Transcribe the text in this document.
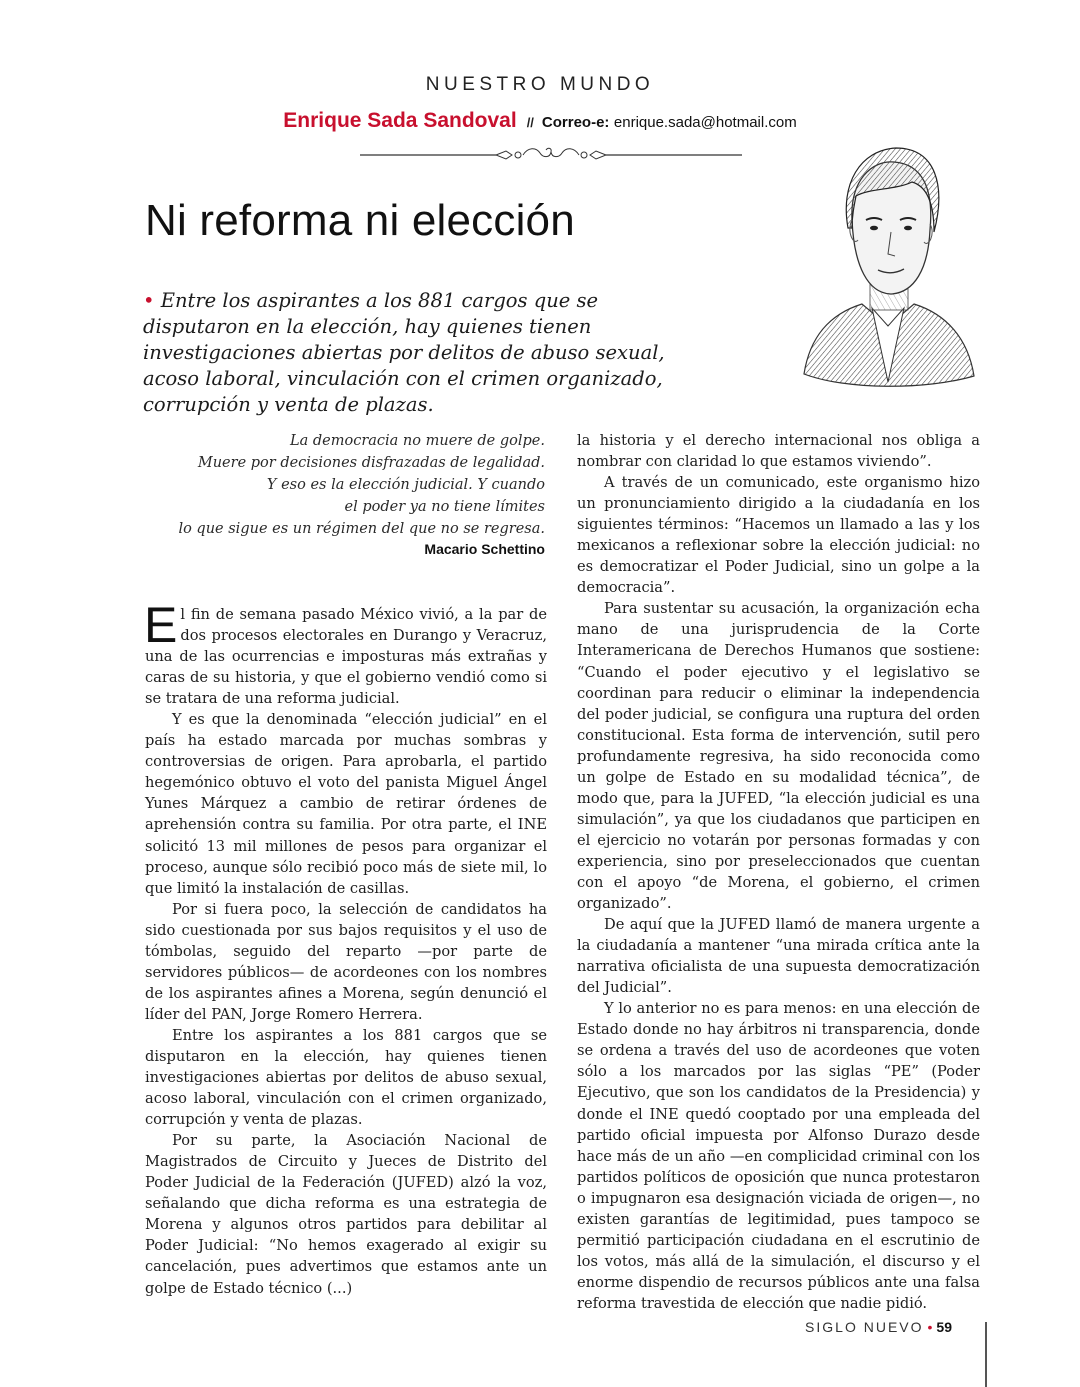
NUESTRO MUNDO
Enrique Sada Sandoval // Correo-e: enrique.sada@hotmail.com
Ni reforma ni elección
• Entre los aspirantes a los 881 cargos que se disputaron en la elección, hay quienes tienen investigaciones abiertas por delitos de abuso sexual, acoso laboral, vinculación con el crimen organizado, corrupción y venta de plazas.
La democracia no muere de golpe.
Muere por decisiones disfrazadas de legalidad.
Y eso es la elección judicial. Y cuando
el poder ya no tiene límites
lo que sigue es un régimen del que no se regresa.
Macario Schettino

El fin de semana pasado México vivió, a la par de dos procesos electorales en Durango y Veracruz, una de las ocurrencias e imposturas más extrañas y caras de su historia, y que el gobierno vendió como si se tratara de una reforma judicial.

Y es que la denominada “elección judicial” en el país ha estado marcada por muchas sombras y controversias de origen. Para aprobarla, el partido hegemónico obtuvo el voto del panista Miguel Ángel Yunes Márquez a cambio de retirar órdenes de aprehensión contra su familia. Por otra parte, el INE solicitó 13 mil millones de pesos para organizar el proceso, aunque sólo recibió poco más de siete mil, lo que limitó la instalación de casillas.

Por si fuera poco, la selección de candidatos ha sido cuestionada por sus bajos requisitos y el uso de tómbolas, seguido del reparto —por parte de servidores públicos— de acordeones con los nombres de los aspirantes afines a Morena, según denunció el líder del PAN, Jorge Romero Herrera.

Entre los aspirantes a los 881 cargos que se disputaron en la elección, hay quienes tienen investigaciones abiertas por delitos de abuso sexual, acoso laboral, vinculación con el crimen organizado, corrupción y venta de plazas.

Por su parte, la Asociación Nacional de Magistrados de Circuito y Jueces de Distrito del Poder Judicial de la Federación (JUFED) alzó la voz, señalando que dicha reforma es una estrategia de Morena y algunos otros partidos para debilitar al Poder Judicial: “No hemos exagerado al exigir su cancelación, pues advertimos que estamos ante un golpe de Estado técnico (...)

la historia y el derecho internacional nos obliga a nombrar con claridad lo que estamos viviendo”.

A través de un comunicado, este organismo hizo un pronunciamiento dirigido a la ciudadanía en los siguientes términos: “Hacemos un llamado a las y los mexicanos a reflexionar sobre la elección judicial: no es democratizar el Poder Judicial, sino un golpe a la democracia”.

Para sustentar su acusación, la organización echa mano de una jurisprudencia de la Corte Interamericana de Derechos Humanos que sostiene: “Cuando el poder ejecutivo y el legislativo se coordinan para reducir o eliminar la independencia del poder judicial, se configura una ruptura del orden constitucional. Esta forma de intervención, sutil pero profundamente regresiva, ha sido reconocida como un golpe de Estado en su modalidad técnica”, de modo que, para la JUFED, “la elección judicial es una simulación”, ya que los ciudadanos que participen en el ejercicio no votarán por personas formadas y con experiencia, sino por preseleccionados que cuentan con el apoyo “de Morena, el gobierno, el crimen organizado”.

De aquí que la JUFED llamó de manera urgente a la ciudadanía a mantener “una mirada crítica ante la narrativa oficialista de una supuesta democratización del Judicial”.

Y lo anterior no es para menos: en una elección de Estado donde no hay árbitros ni transparencia, donde se ordena a través del uso de acordeones que voten sólo a los marcados por las siglas “PE” (Poder Ejecutivo, que son los candidatos de la Presidencia) y donde el INE quedó cooptado por una empleada del partido oficial impuesta por Alfonso Durazo desde hace más de un año —en complicidad criminal con los partidos políticos de oposición que nunca protestaron o impugnaron esa designación viciada de origen—, no existen garantías de legitimidad, pues tampoco se permitió participación ciudadana en el escrutinio de los votos, más allá de la simulación, el discurso y el enorme dispendio de recursos públicos ante una falsa reforma travestida de elección que nadie pidió.

SIGLO NUEVO • 59
